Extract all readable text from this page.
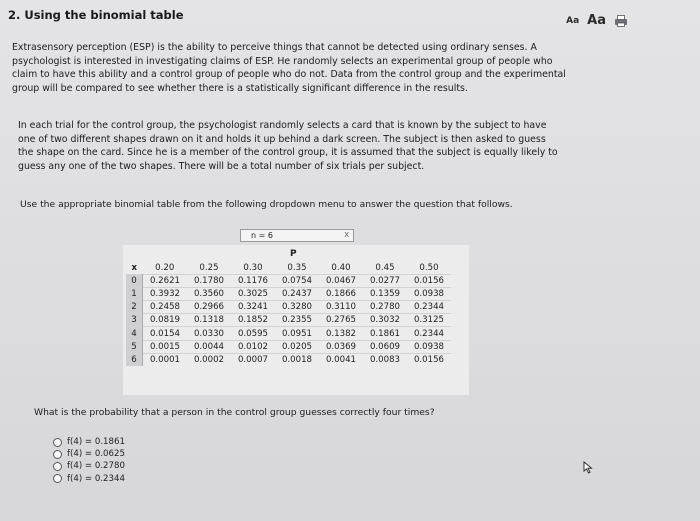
2. Using the binomial table	Aa Aa
Extrasensory perception (ESP) is the ability to perceive things that cannot be detected using ordinary senses. A psychologist is interested in investigating claims of ESP. He randomly selects an experimental group of people who claim to have this ability and a control group of people who do not. Data from the control group and the experimental group will be compared to see whether there is a statistically significant difference in the results.
In each trial for the control group, the psychologist randomly selects a card that is known by the subject to have one of two different shapes drawn on it and holds it up behind a dark screen. The subject is then asked to guess the shape on the card. Since he is a member of the control group, it is assumed that the subject is equally likely to guess any one of the two shapes. There will be a total number of six trials per subject.
Use the appropriate binomial table from the following dropdown menu to answer the question that follows.
n = 6	X
P
x	0.20	0.25	0.30	0.35	0.40	0.45	0.50
0	0.2621	0.1780	0.1176	0.0754	0.0467	0.0277	0.0156
1	0.3932	0.3560	0.3025	0.2437	0.1866	0.1359	0.0938
2	0.2458	0.2966	0.3241	0.3280	0.3110	0.2780	0.2344
3	0.0819	0.1318	0.1852	0.2355	0.2765	0.3032	0.3125
4	0.0154	0.0330	0.0595	0.0951	0.1382	0.1861	0.2344
5	0.0015	0.0044	0.0102	0.0205	0.0369	0.0609	0.0938
6	0.0001	0.0002	0.0007	0.0018	0.0041	0.0083	0.0156
What is the probability that a person in the control group guesses correctly four times?
f(4) = 0.1861
f(4) = 0.0625
f(4) = 0.2780
f(4) = 0.2344
